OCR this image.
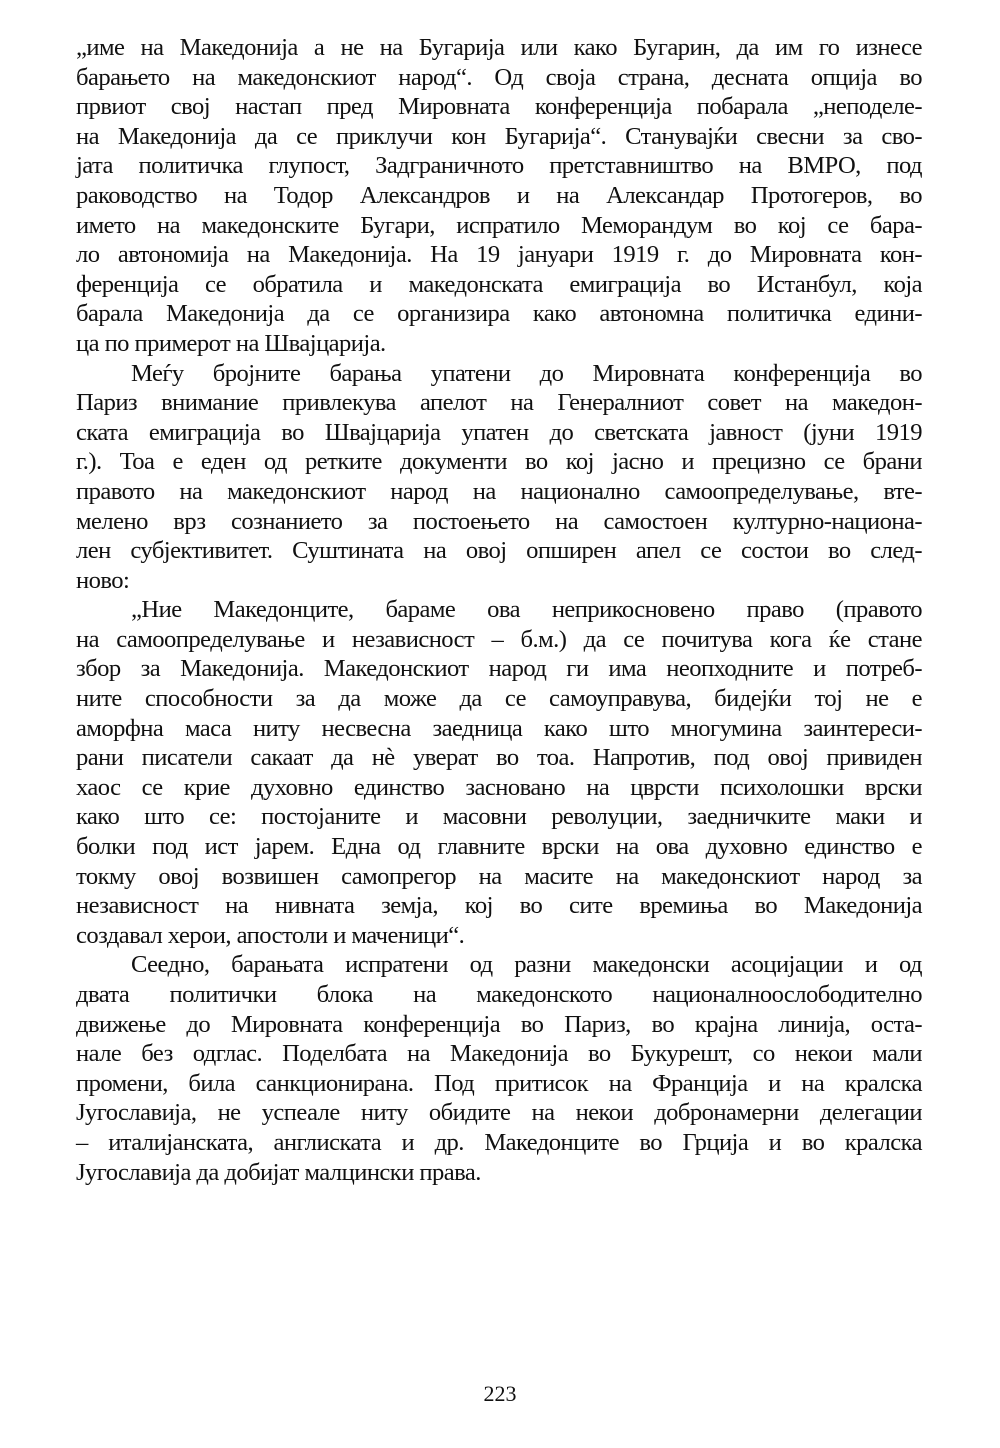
„име на Македонија а не на Бугарија или како Бугарин, да им го изнесе
барањето на македонскиот народ“. Од своја страна, десната опција во
првиот свој настап пред Мировната конференција побарала „неподеле-
на Македонија да се приклучи кон Бугарија“. Станувајќи свесни за сво-
јата политичка глупост, Задграничното претставништво на ВМРО, под
раководство на Тодор Александров и на Александар Протогеров, во
името на македонските Бугари, испратило Меморандум во кој се бара-
ло автономија на Македонија. На 19 јануари 1919 г. до Мировната кон-
ференција се обратила и македонската емиграција во Истанбул, која
барала Македонија да се организира како автономна политичка едини-
ца по примерот на Швајцарија.
Меѓу бројните барања упатени до Мировната конференција во
Париз внимание привлекува апелот на Генералниот совет на македон-
ската емиграција во Швајцарија упатен до светската јавност (јуни 1919
г.). Тоа е еден од ретките документи во кој јасно и прецизно се брани
правото на македонскиот народ на национално самоопределување, вте-
мелено врз сознанието за постоењето на самостоен културно-национа-
лен субјективитет. Суштината на овој опширен апел се состои во след-
ново:
„Ние Македонците, бараме ова неприкосновено право (правото
на самоопределување и независност – б.м.) да се почитува кога ќе стане
збор за Македонија. Македонскиот народ ги има неопходните и потреб-
ните способности за да може да се самоуправува, бидејќи тој не е
аморфна маса ниту несвесна заедница како што многумина заинтереси-
рани писатели сакаат да нè уверат во тоа. Напротив, под овој привиден
хаос се крие духовно единство засновано на цврсти психолошки врски
како што се: постојаните и масовни револуции, заедничките маки и
болки под ист јарем. Една од главните врски на ова духовно единство е
токму овој возвишен самопрегор на масите на македонскиот народ за
независност на нивната земја, кој во сите времиња во Македонија
создавал херои, апостоли и маченици“.
Сеедно, барањата испратени од разни македонски асоцијации и од
двата политички блока на македонското националноослободително
движење до Мировната конференција во Париз, во крајна линија, оста-
нале без одглас. Поделбата на Македонија во Букурешт, со некои мали
промени, била санкционирана. Под притисок на Франција и на кралска
Југославија, не успеале ниту обидите на некои добронамерни делегации
– италијанската, англиската и др. Македонците во Грција и во кралска
Југославија да добијат малцински права.
223
